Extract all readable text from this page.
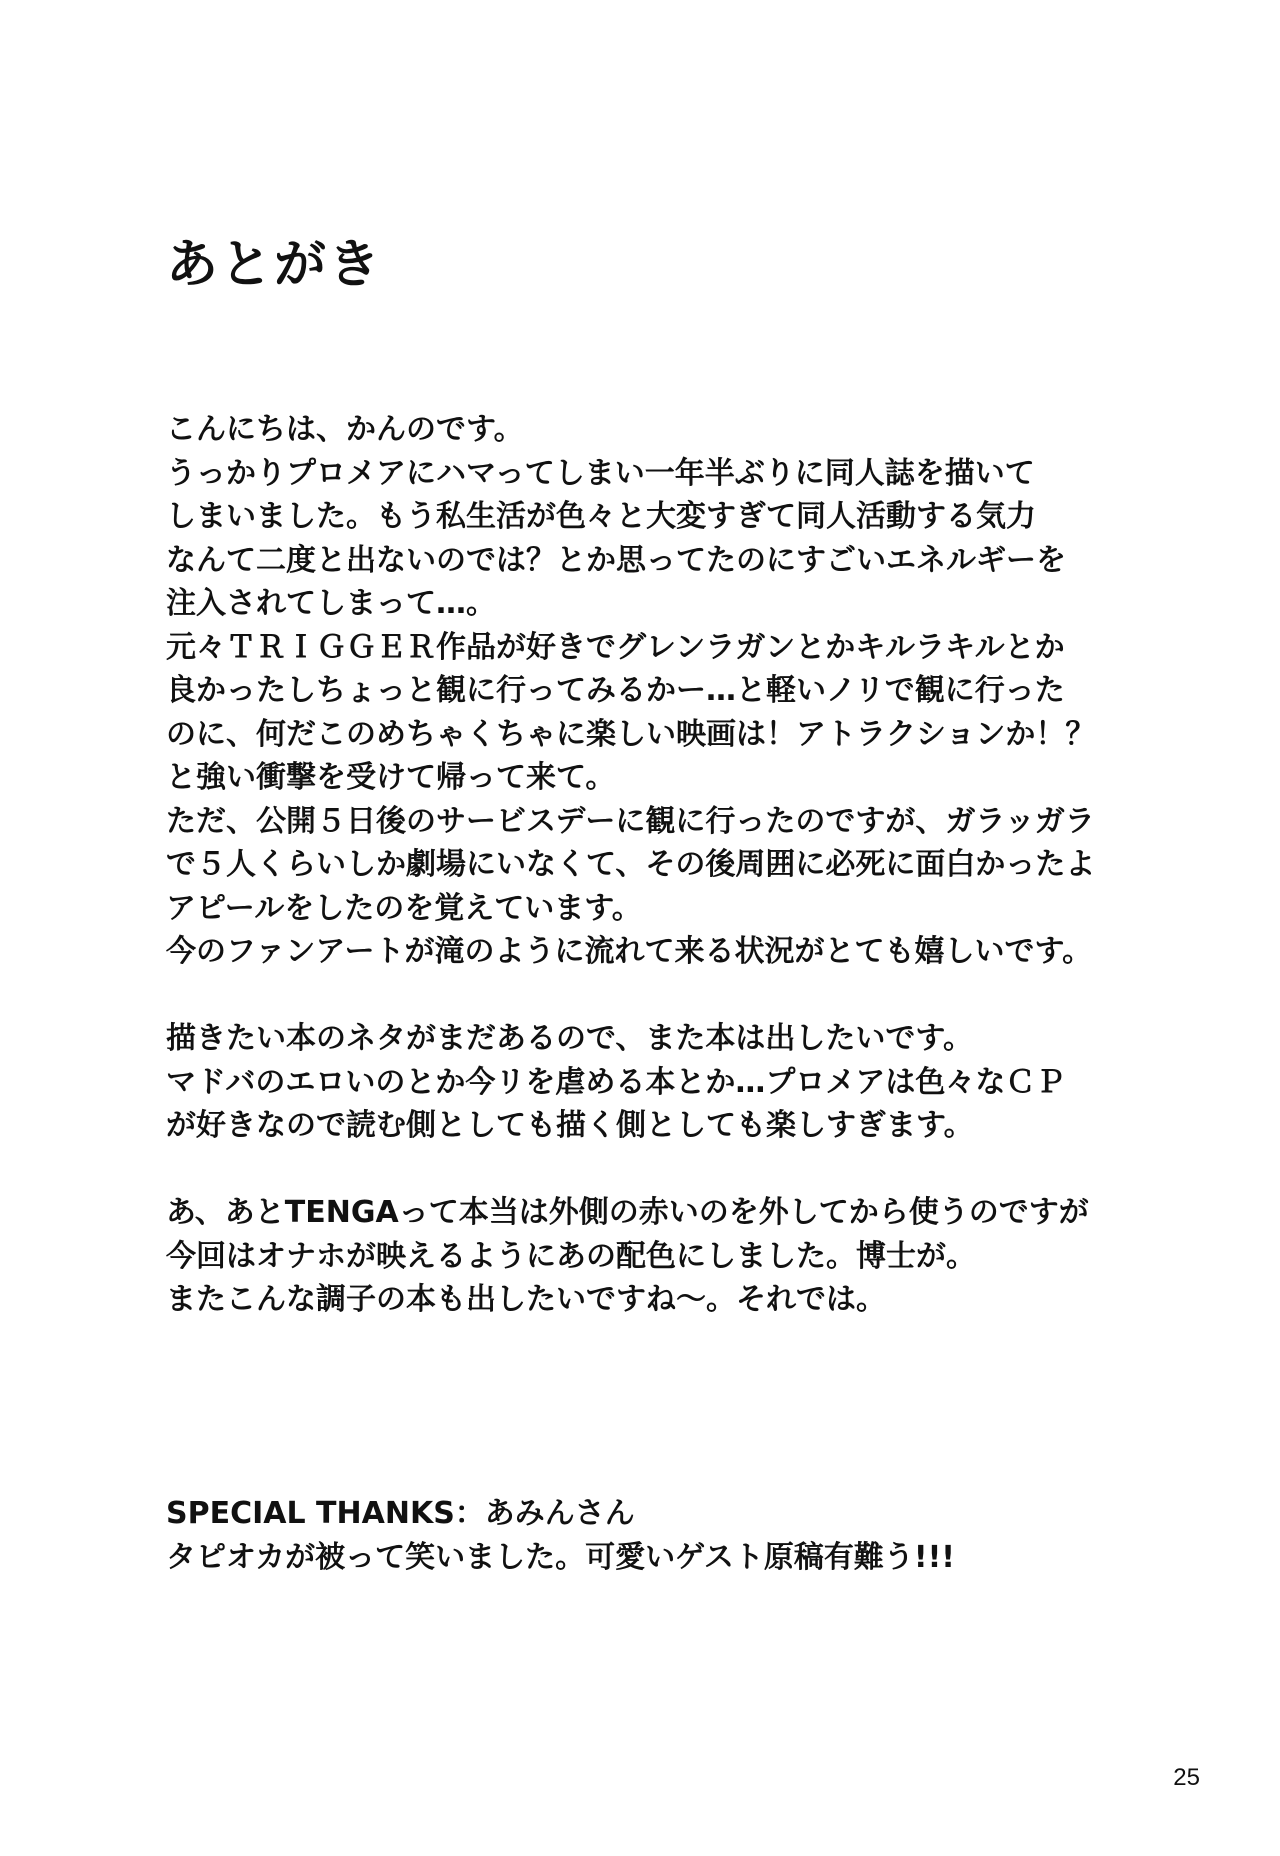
あとがき
こんにちは、かんのです。
うっかりプロメアにハマってしまい一年半ぶりに同人誌を描いて
しまいました。もう私生活が色々と大変すぎて同人活動する気力
なんて二度と出ないのでは？とか思ってたのにすごいエネルギーを
注入されてしまって…。
元々ＴＲＩＧＧＥＲ作品が好きでグレンラガンとかキルラキルとか
良かったしちょっと観に行ってみるかー…と軽いノリで観に行った
のに、何だこのめちゃくちゃに楽しい映画は！アトラクションか！？
と強い衝撃を受けて帰って来て。
ただ、公開５日後のサービスデーに観に行ったのですが、ガラッガラ
で５人くらいしか劇場にいなくて、その後周囲に必死に面白かったよ
アピールをしたのを覚えています。
今のファンアートが滝のように流れて来る状況がとても嬉しいです。
描きたい本のネタがまだあるので、また本は出したいです。
マドバのエロいのとか今リを虐める本とか…プロメアは色々なＣＰ
が好きなので読む側としても描く側としても楽しすぎます。
あ、あとTENGAって本当は外側の赤いのを外してから使うのですが
今回はオナホが映えるようにあの配色にしました。博士が。
またこんな調子の本も出したいですね〜。それでは。
SPECIAL THANKS：あみんさん
タピオカが被って笑いました。可愛いゲスト原稿有難う!!!
25
